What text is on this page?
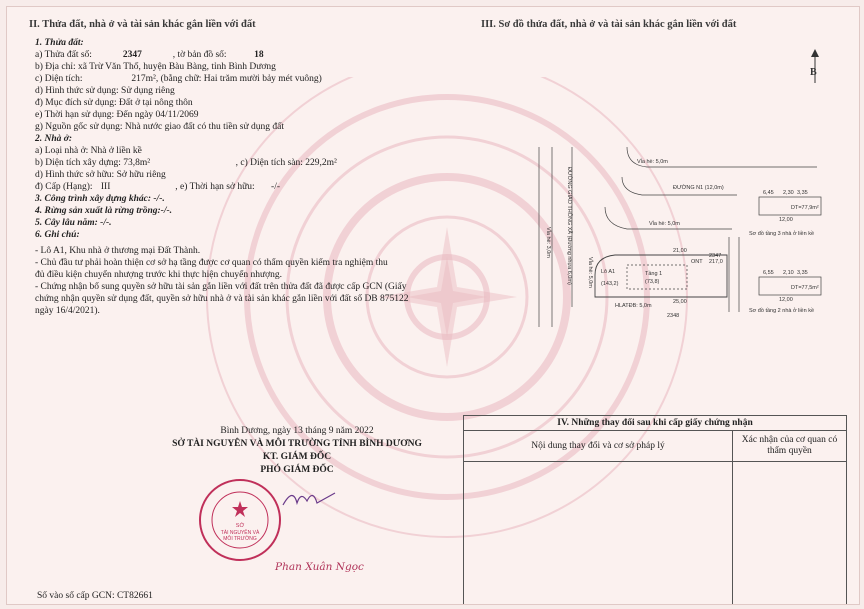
II. Thửa đất, nhà ở và tài sản khác gắn liền với đất
1. Thửa đất:
a) Thửa đất số:	2347	, tờ bản đồ số:	18
b) Địa chỉ: xã Trừ Văn Thố, huyện Bàu Bàng, tỉnh Bình Dương
c) Diện tích:	217m², (bằng chữ: Hai trăm mười bảy mét vuông)
d) Hình thức sử dụng: Sử dụng riêng
đ) Mục đích sử dụng: Đất ở tại nông thôn
e) Thời hạn sử dụng: Đến ngày 04/11/2069
g) Nguồn gốc sử dụng: Nhà nước giao đất có thu tiền sử dụng đất
2. Nhà ở:
a) Loại nhà ở: Nhà ở liền kề
b) Diện tích xây dựng: 73,8m²	, c) Diện tích sàn: 229,2m²
d) Hình thức sở hữu: Sở hữu riêng
đ) Cấp (Hạng): III	, e) Thời hạn sở hữu: -/-
3. Công trình xây dựng khác: -/-.
4. Rừng sản xuất là rừng trồng:-/-.
5. Cây lâu năm: -/-.
6. Ghi chú:
- Lô A1, Khu nhà ở thương mại Đất Thành.
- Chủ đầu tư phải hoàn thiện cơ sở hạ tầng được cơ quan có thẩm quyền kiểm tra nghiệm thu đủ điều kiện chuyển nhượng trước khi thực hiện chuyển nhượng.
- Chứng nhận bổ sung quyền sở hữu tài sản gắn liền với đất trên thửa đất đã được cấp GCN (Giấy chứng nhận quyền sử dụng đất, quyền sở hữu nhà ở và tài sản khác gắn liền với đất số DB 875122 ngày 16/4/2021).
III. Sơ đồ thửa đất, nhà ở và tài sản khác gắn liền với đất
B
Vỉa hè: 5,0m
ĐƯỜNG N1 (12,0m)
Vỉa hè: 5,0m
HLATĐB: 5,0m
ĐƯỜNG GIAO THÔNG XÃ (Đường nhựa 6,0m)
Vỉa hè: 3,0m
Vỉa hè: 5,0m Lô A1
(143,2)
Tầng 1
(73,8)
ONT
2347
217,0
2348
21,00
25,00
6,45 2,30 3,35
12,00
DT=77,9m²
Sơ đồ tầng 3 nhà ở liền kề
6,55 2,10 3,35
12,00
DT=77,5m²
Sơ đồ tầng 2 nhà ở liền kề
Bình Dương, ngày 13 tháng 9 năm 2022
SỞ TÀI NGUYÊN VÀ MÔI TRƯỜNG TỈNH BÌNH DƯƠNG
KT. GIÁM ĐỐC
PHÓ GIÁM ĐỐC
SỞ
TÀI NGUYÊN VÀ
MÔI TRƯỜNG
Phan Xuân Ngọc
Số vào sổ cấp GCN: CT82661
IV. Những thay đổi sau khi cấp giấy chứng nhận
Nội dung thay đổi và cơ sở pháp lý
Xác nhận của cơ quan có thẩm quyền
